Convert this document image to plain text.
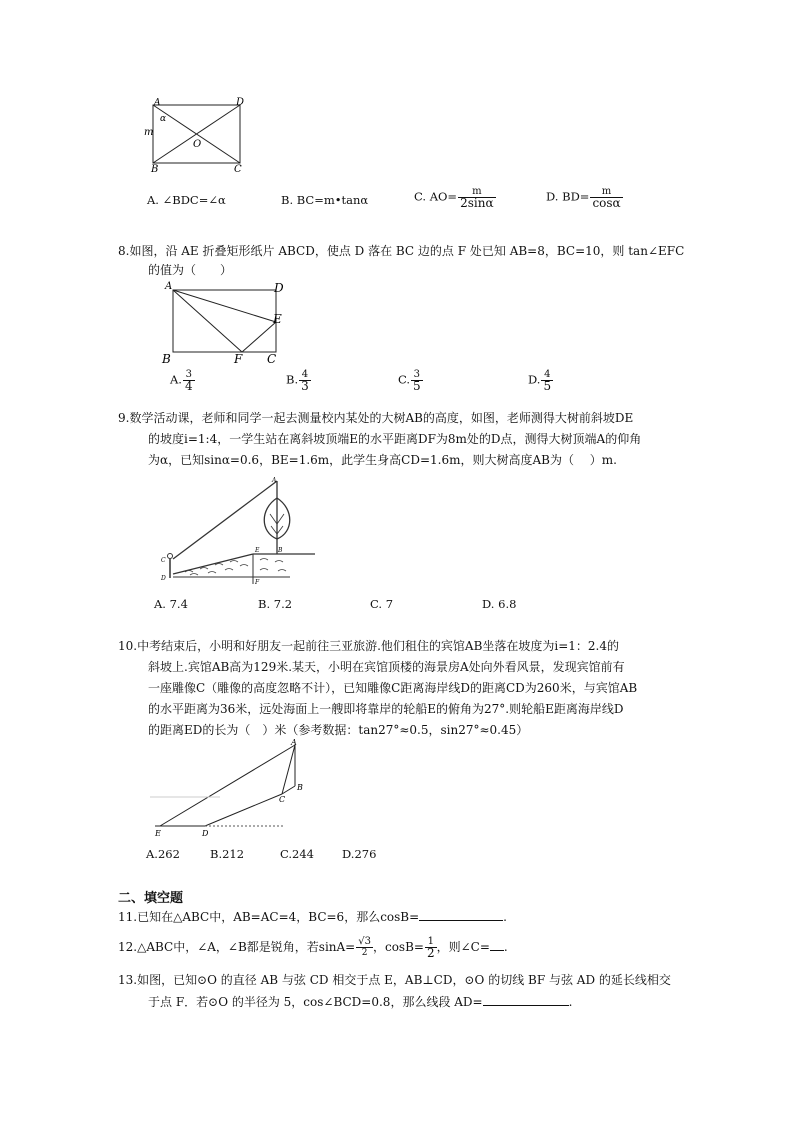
A	D
B	C
O
m
α
A. ∠BDC=∠α	B. BC=m•tanα	C. $AO= \frac{m}{2\sin\alpha}$	D. $BD= \frac{m}{\cos\alpha}$
8.如图，沿 AE 折叠矩形纸片 ABCD，使点 D 落在 BC 边的点 F 处已知 AB=8，BC=10，则 tan∠EFC
的值为（　　）
A	D
E
B	F C
A. $\frac{3}{4}$	B. $\frac{4}{3}$	C. $\frac{3}{5}$	D. $\frac{4}{5}$
9.数学活动课，老师和同学一起去测量校内某处的大树AB的高度，如图，老师测得大树前斜坡DE
的坡度i=1:4，一学生站在离斜坡顶端E的水平距离DF为8m处的D点，测得大树顶端A的仰角
为α，已知sinα=0.6，BE=1.6m，此学生身高CD=1.6m，则大树高度AB为（　 ）m.
A
C
D
E	B
F
A. 7.4	B. 7.2	C. 7	D. 6.8
10.中考结束后，小明和好朋友一起前往三亚旅游.他们租住的宾馆AB坐落在坡度为i=1：2.4的
斜坡上.宾馆AB高为129米.某天，小明在宾馆顶楼的海景房A处向外看风景，发现宾馆前有
一座雕像C（雕像的高度忽略不计），已知雕像C距离海岸线D的距离CD为260米，与宾馆AB
的水平距离为36米，远处海面上一艘即将靠岸的轮船E的俯角为27°.则轮船E距离海岸线D
的距离ED的长为（　）米（参考数据：tan27°≈0.5，sin27°≈0.45）
A
B
C
D
E
A.262	B.212	C.244 D.276
二、填空题
11.已知在△ABC中，AB=AC=4，BC=6，那么cosB=	.
12.△ABC中，∠A，∠B都是锐角，若$\sin A= \frac{√3}{2}$ ，$\cos B= \frac{1}{2}$ ，则∠C= .
13.如图，已知⊙O 的直径 AB 与弦 CD 相交于点 E，AB⊥CD，⊙O 的切线 BF 与弦 AD 的延长线相交
于点 F．若⊙O 的半径为 5，cos∠BCD=0.8，那么线段 AD=	.
